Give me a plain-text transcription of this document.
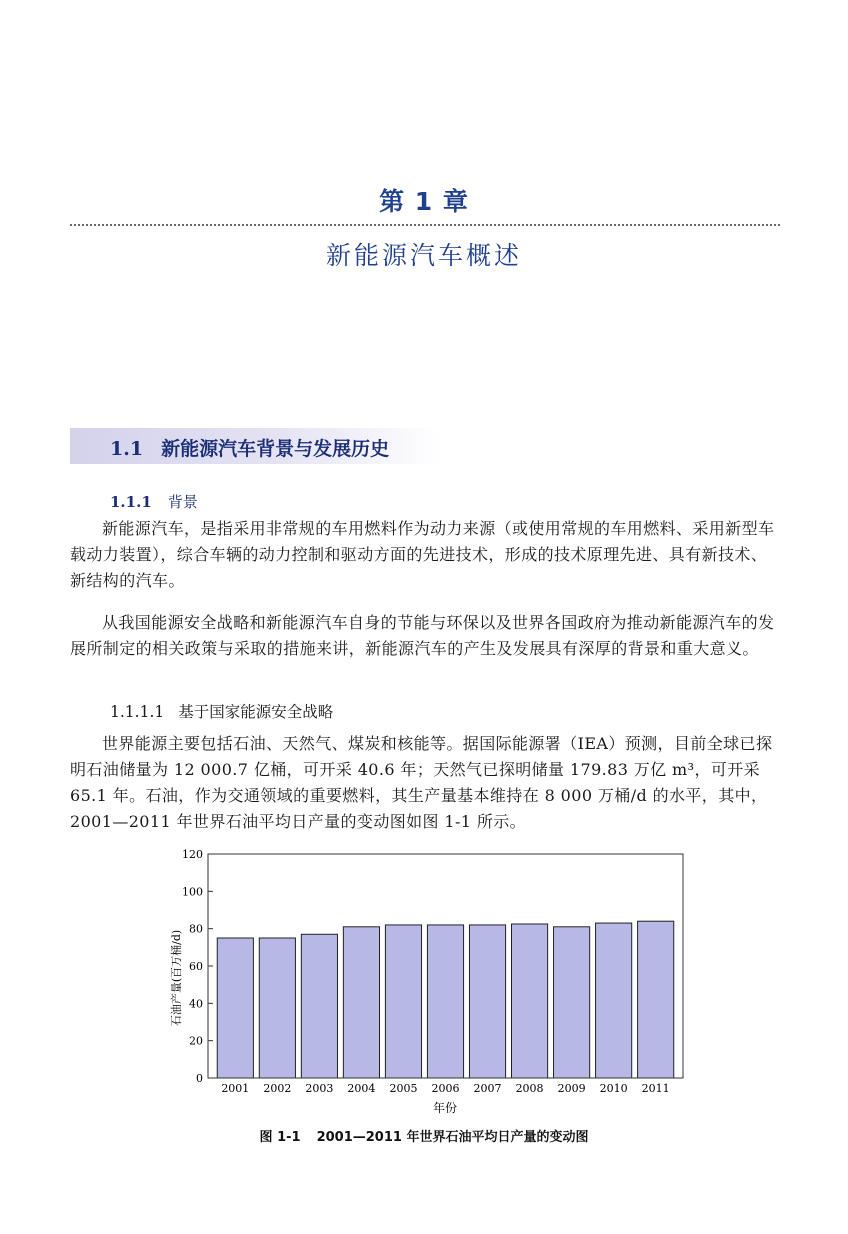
第 1 章
新能源汽车概述
1.1 新能源汽车背景与发展历史
1.1.1 背景

新能源汽车，是指采用非常规的车用燃料作为动力来源（或使用常规的车用燃料、采用新型车载动力装置），综合车辆的动力控制和驱动方面的先进技术，形成的技术原理先进、具有新技术、新结构的汽车。

从我国能源安全战略和新能源汽车自身的节能与环保以及世界各国政府为推动新能源汽车的发展所制定的相关政策与采取的措施来讲，新能源汽车的产生及发展具有深厚的背景和重大意义。

1.1.1.1 基于国家能源安全战略

世界能源主要包括石油、天然气、煤炭和核能等。据国际能源署（IEA）预测，目前全球已探明石油储量为 12 000.7 亿桶，可开采 40.6 年；天然气已探明储量 179.83 万亿 m³，可开采 65.1 年。石油，作为交通领域的重要燃料，其生产量基本维持在 8 000 万桶/d 的水平，其中，2001—2011 年世界石油平均日产量的变动图如图 1-1 所示。

石油产量(百万桶/d)
0
20
40
60
80
100
120
2001 2002 2003 2004 2005 2006 2007 2008 2009 2010 2011
年份
图 1-1 2001—2011 年世界石油平均日产量的变动图
